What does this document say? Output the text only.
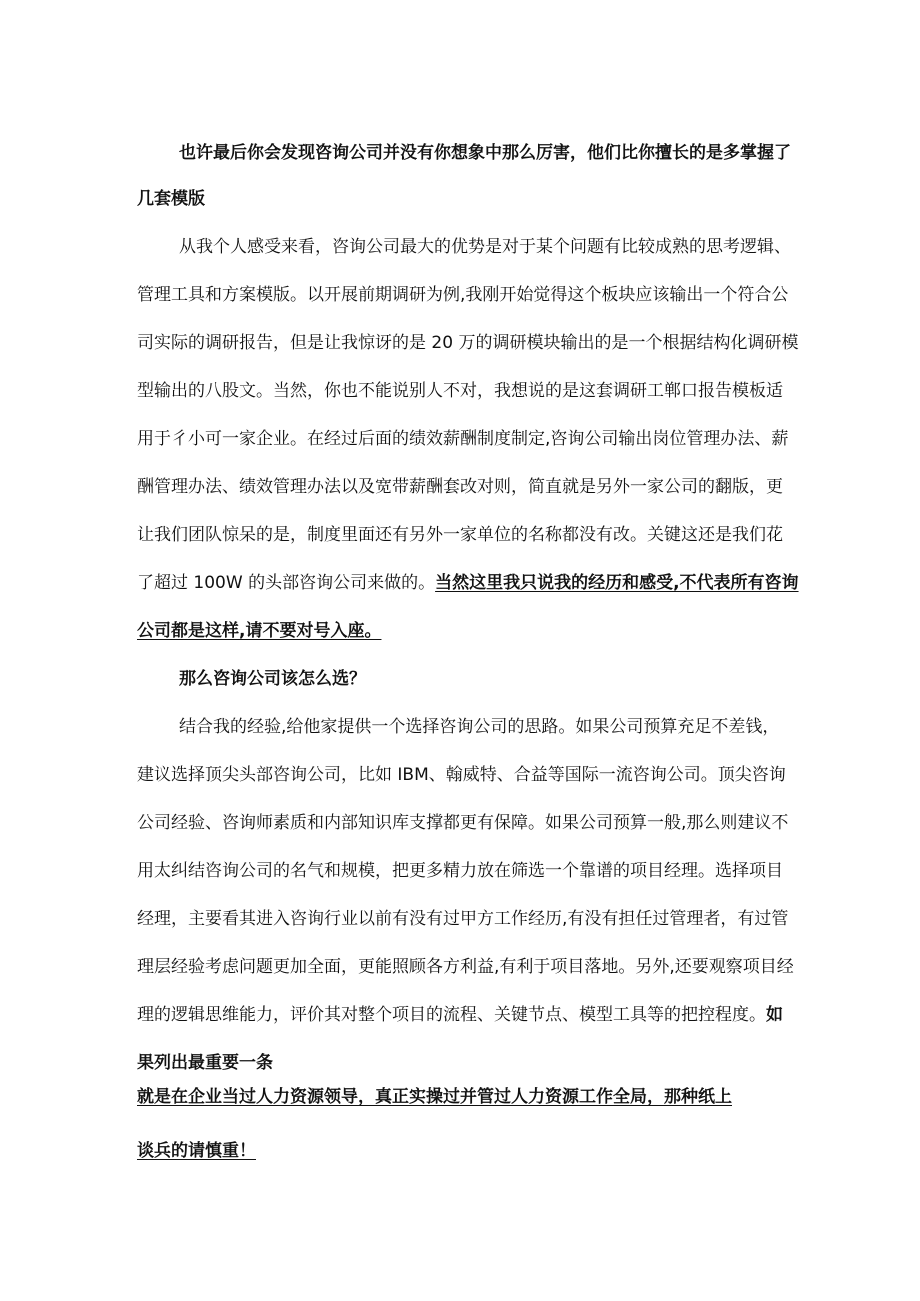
也许最后你会发现咨询公司并没有你想象中那么厉害，他们比你擅长的是多掌握了
几套模版
从我个人感受来看，咨询公司最大的优势是对于某个问题有比较成熟的思考逻辑、
管理工具和方案模版。以开展前期调研为例,我刚开始觉得这个板块应该输出一个符合公
司实际的调研报告，但是让我惊讶的是 20 万的调研模块输出的是一个根据结构化调研模
型输出的八股文。当然，你也不能说别人不对，我想说的是这套调研工郸口报告模板适
用于彳小可一家企业。在经过后面的绩效薪酬制度制定,咨询公司输出岗位管理办法、薪
酬管理办法、绩效管理办法以及宽带薪酬套改对则，简直就是另外一家公司的翻版，更
让我们团队惊呆的是，制度里面还有另外一家单位的名称都没有改。关键这还是我们花
了超过 100W 的头部咨询公司来做的。当然这里我只说我的经历和感受,不代表所有咨询
公司都是这样,请不要对号入座。
那么咨询公司该怎么选？
结合我的经验,给他家提供一个选择咨询公司的思路。如果公司预算充足不差钱，
建议选择顶尖头部咨询公司，比如 IBM、翰威特、合益等国际一流咨询公司。顶尖咨询
公司经验、咨询师素质和内部知识库支撑都更有保障。如果公司预算一般,那么则建议不
用太纠结咨询公司的名气和规模，把更多精力放在筛选一个靠谱的项目经理。选择项目
经理，主要看其进入咨询行业以前有没有过甲方工作经历,有没有担任过管理者，有过管
理层经验考虑问题更加全面，更能照顾各方利益,有利于项目落地。另外,还要观察项目经
理的逻辑思维能力，评价其对整个项目的流程、关键节点、模型工具等的把控程度。如
果列出最重要一条
就是在企业当过人力资源领导，真正实操过并管过人力资源工作全局，那种纸上
谈兵的请慎重！
